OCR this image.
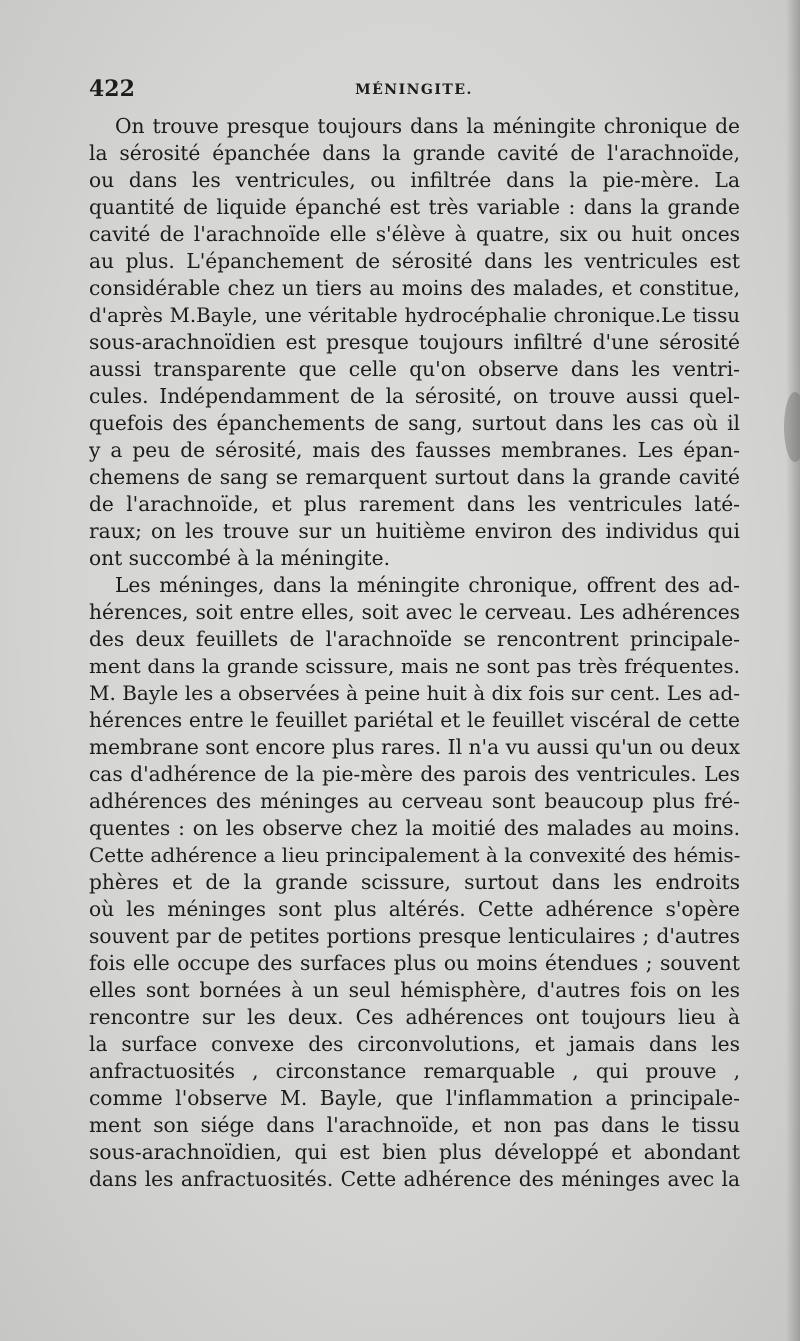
422	MÉNINGITE.
On trouve presque toujours dans la méningite chronique de
la sérosité épanchée dans la grande cavité de l'arachnoïde,
ou dans les ventricules, ou infiltrée dans la pie-mère. La
quantité de liquide épanché est très variable : dans la grande
cavité de l'arachnoïde elle s'élève à quatre, six ou huit onces
au plus. L'épanchement de sérosité dans les ventricules est
considérable chez un tiers au moins des malades, et constitue,
d'après M.Bayle, une véritable hydrocéphalie chronique.Le tissu
sous-arachnoïdien est presque toujours infiltré d'une sérosité
aussi transparente que celle qu'on observe dans les ventri-
cules. Indépendamment de la sérosité, on trouve aussi quel-
quefois des épanchements de sang, surtout dans les cas où il
y a peu de sérosité, mais des fausses membranes. Les épan-
chemens de sang se remarquent surtout dans la grande cavité
de l'arachnoïde, et plus rarement dans les ventricules laté-
raux; on les trouve sur un huitième environ des individus qui
ont succombé à la méningite.
Les méninges, dans la méningite chronique, offrent des ad-
hérences, soit entre elles, soit avec le cerveau. Les adhérences
des deux feuillets de l'arachnoïde se rencontrent principale-
ment dans la grande scissure, mais ne sont pas très fréquentes.
M. Bayle les a observées à peine huit à dix fois sur cent. Les ad-
hérences entre le feuillet pariétal et le feuillet viscéral de cette
membrane sont encore plus rares. Il n'a vu aussi qu'un ou deux
cas d'adhérence de la pie-mère des parois des ventricules. Les
adhérences des méninges au cerveau sont beaucoup plus fré-
quentes : on les observe chez la moitié des malades au moins.
Cette adhérence a lieu principalement à la convexité des hémis-
phères et de la grande scissure, surtout dans les endroits
où les méninges sont plus altérés. Cette adhérence s'opère
souvent par de petites portions presque lenticulaires ; d'autres
fois elle occupe des surfaces plus ou moins étendues ; souvent
elles sont bornées à un seul hémisphère, d'autres fois on les
rencontre sur les deux. Ces adhérences ont toujours lieu à
la surface convexe des circonvolutions, et jamais dans les
anfractuosités , circonstance remarquable , qui prouve ,
comme l'observe M. Bayle, que l'inflammation a principale-
ment son siége dans l'arachnoïde, et non pas dans le tissu
sous-arachnoïdien, qui est bien plus développé et abondant
dans les anfractuosités. Cette adhérence des méninges avec la
